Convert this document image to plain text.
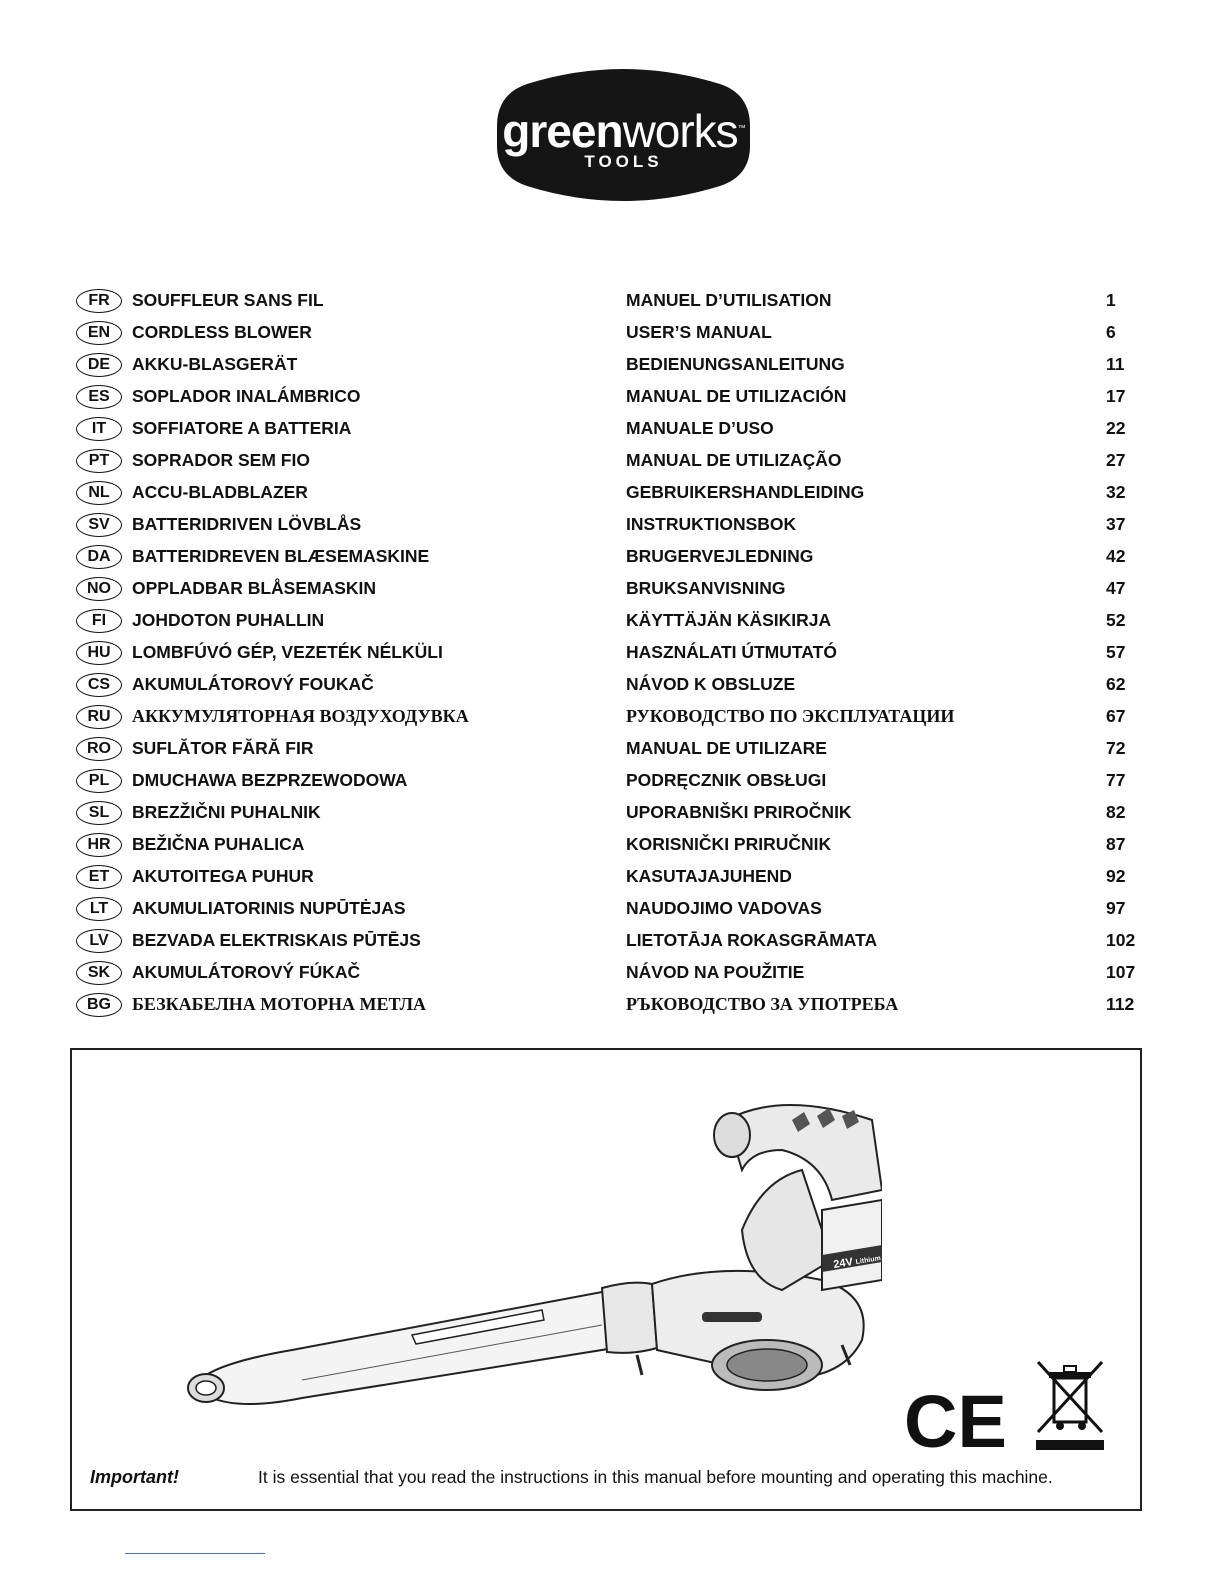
greenworks™
TOOLS
FR	SOUFFLEUR SANS FIL	MANUEL D’UTILISATION	1
EN	CORDLESS BLOWER	USER’S MANUAL	6
DE	AKKU-BLASGERÄT	BEDIENUNGSANLEITUNG	11
ES	SOPLADOR INALÁMBRICO	MANUAL DE UTILIZACIÓN	17
IT	SOFFIATORE A BATTERIA	MANUALE D’USO	22
PT	SOPRADOR SEM FIO	MANUAL DE UTILIZAÇÃO	27
NL	ACCU-BLADBLAZER	GEBRUIKERSHANDLEIDING	32
SV	BATTERIDRIVEN LÖVBLÅS	INSTRUKTIONSBOK	37
DA	BATTERIDREVEN BLÆSEMASKINE	BRUGERVEJLEDNING	42
NO	OPPLADBAR BLÅSEMASKIN	BRUKSANVISNING	47
FI	JOHDOTON PUHALLIN	KÄYTTÄJÄN KÄSIKIRJA	52
HU	LOMBFÚVÓ GÉP, VEZETÉK NÉLKÜLI	HASZNÁLATI ÚTMUTATÓ	57
CS	AKUMULÁTOROVÝ FOUKAČ	NÁVOD K OBSLUZE	62
RU	АККУМУЛЯТОРНАЯ ВОЗДУХОДУВКА	РУКОВОДСТВО ПО ЭКСПЛУАТАЦИИ	67
RO	SUFLĂTOR FĂRĂ FIR	MANUAL DE UTILIZARE	72
PL	DMUCHAWA BEZPRZEWODOWA	PODRĘCZNIK OBSŁUGI	77
SL	BREZŽIČNI PUHALNIK	UPORABNIŠKI PRIROČNIK	82
HR	BEŽIČNA PUHALICA	KORISNIČKI PRIRUČNIK	87
ET	AKUTOITEGA PUHUR	KASUTAJAJUHEND	92
LT	AKUMULIATORINIS NUPŪTĖJAS	NAUDOJIMO VADOVAS	97
LV	BEZVADA ELEKTRISKAIS PŪTĒJS	LIETOTĀJA ROKASGRĀMATA	102
SK	AKUMULÁTOROVÝ FÚKAČ	NÁVOD NA POUŽITIE	107
BG	БЕЗКАБЕЛНА МОТОРНА МЕТЛА	РЪКОВОДСТВО ЗА УПОТРЕБА	112
24V Lithium
CE
Important!	It is essential that you read the instructions in this manual before mounting and operating this machine.
